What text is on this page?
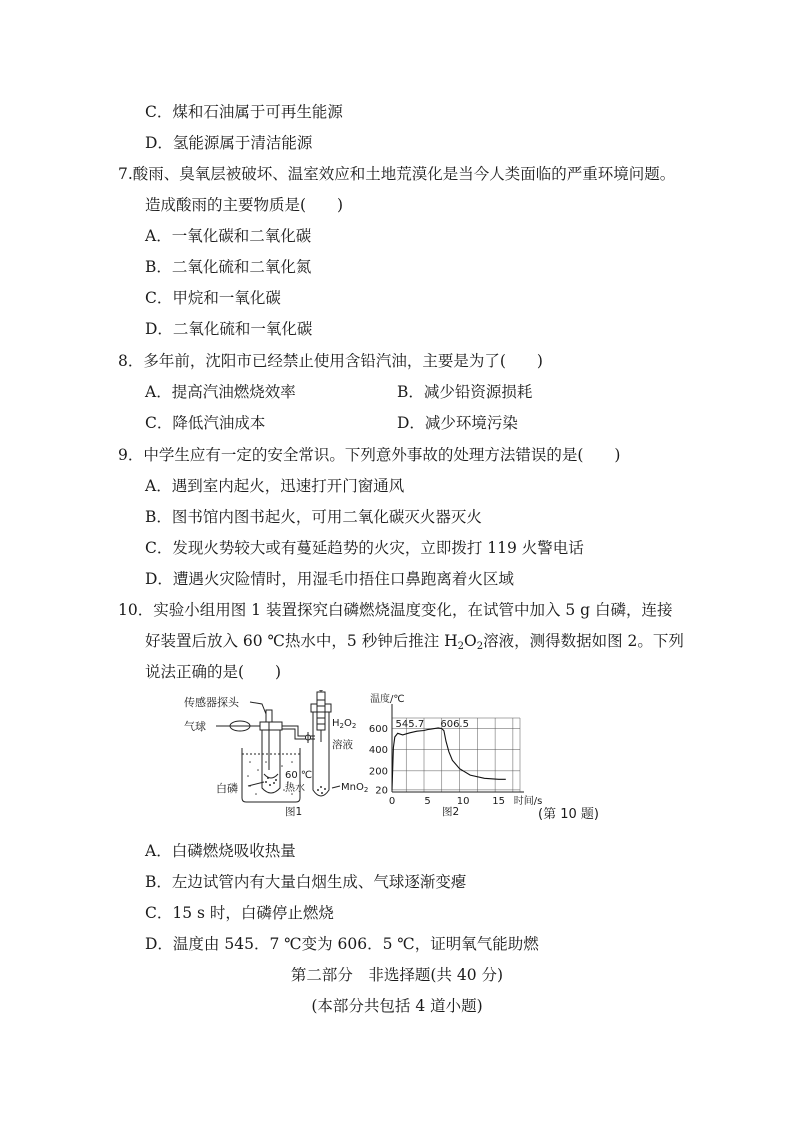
C．煤和石油属于可再生能源
D．氢能源属于清洁能源
7.酸雨、臭氧层被破坏、温室效应和土地荒漠化是当今人类面临的严重环境问题。
造成酸雨的主要物质是(　　)
A．一氧化碳和二氧化碳
B．二氧化硫和二氧化氮
C．甲烷和一氧化碳
D．二氧化硫和一氧化碳
8．多年前，沈阳市已经禁止使用含铅汽油，主要是为了(　　)
A．提高汽油燃烧效率	B．减少铅资源损耗
C．降低汽油成本	D．减少环境污染
9．中学生应有一定的安全常识。下列意外事故的处理方法错误的是(　　)
A．遇到室内起火，迅速打开门窗通风
B．图书馆内图书起火，可用二氧化碳灭火器灭火
C．发现火势较大或有蔓延趋势的火灾，立即拨打 119 火警电话
D．遭遇火灾险情时，用湿毛巾捂住口鼻跑离着火区域
10．实验小组用图 1 装置探究白磷燃烧温度变化，在试管中加入 5 g 白磷，连接
好装置后放入 60 ℃热水中，5 秒钟后推注 $H_2O_2$溶液，测得数据如图 2。下列
说法正确的是(　　)
传感器探头
气球
白磷
60 ℃
热水
$H_2O_2$
溶液
MnO$_2$
图1
20
200
400
600
0	5	10 15
温度/℃
时间/s
545.7 606.5
图2	(第 10 题)
A．白磷燃烧吸收热量
B．左边试管内有大量白烟生成、气球逐渐变瘪
C．15 s 时，白磷停止燃烧
D．温度由 545．7 ℃变为 606．5 ℃，证明氧气能助燃
第二部分　非选择题(共 40 分)
(本部分共包括 4 道小题)
